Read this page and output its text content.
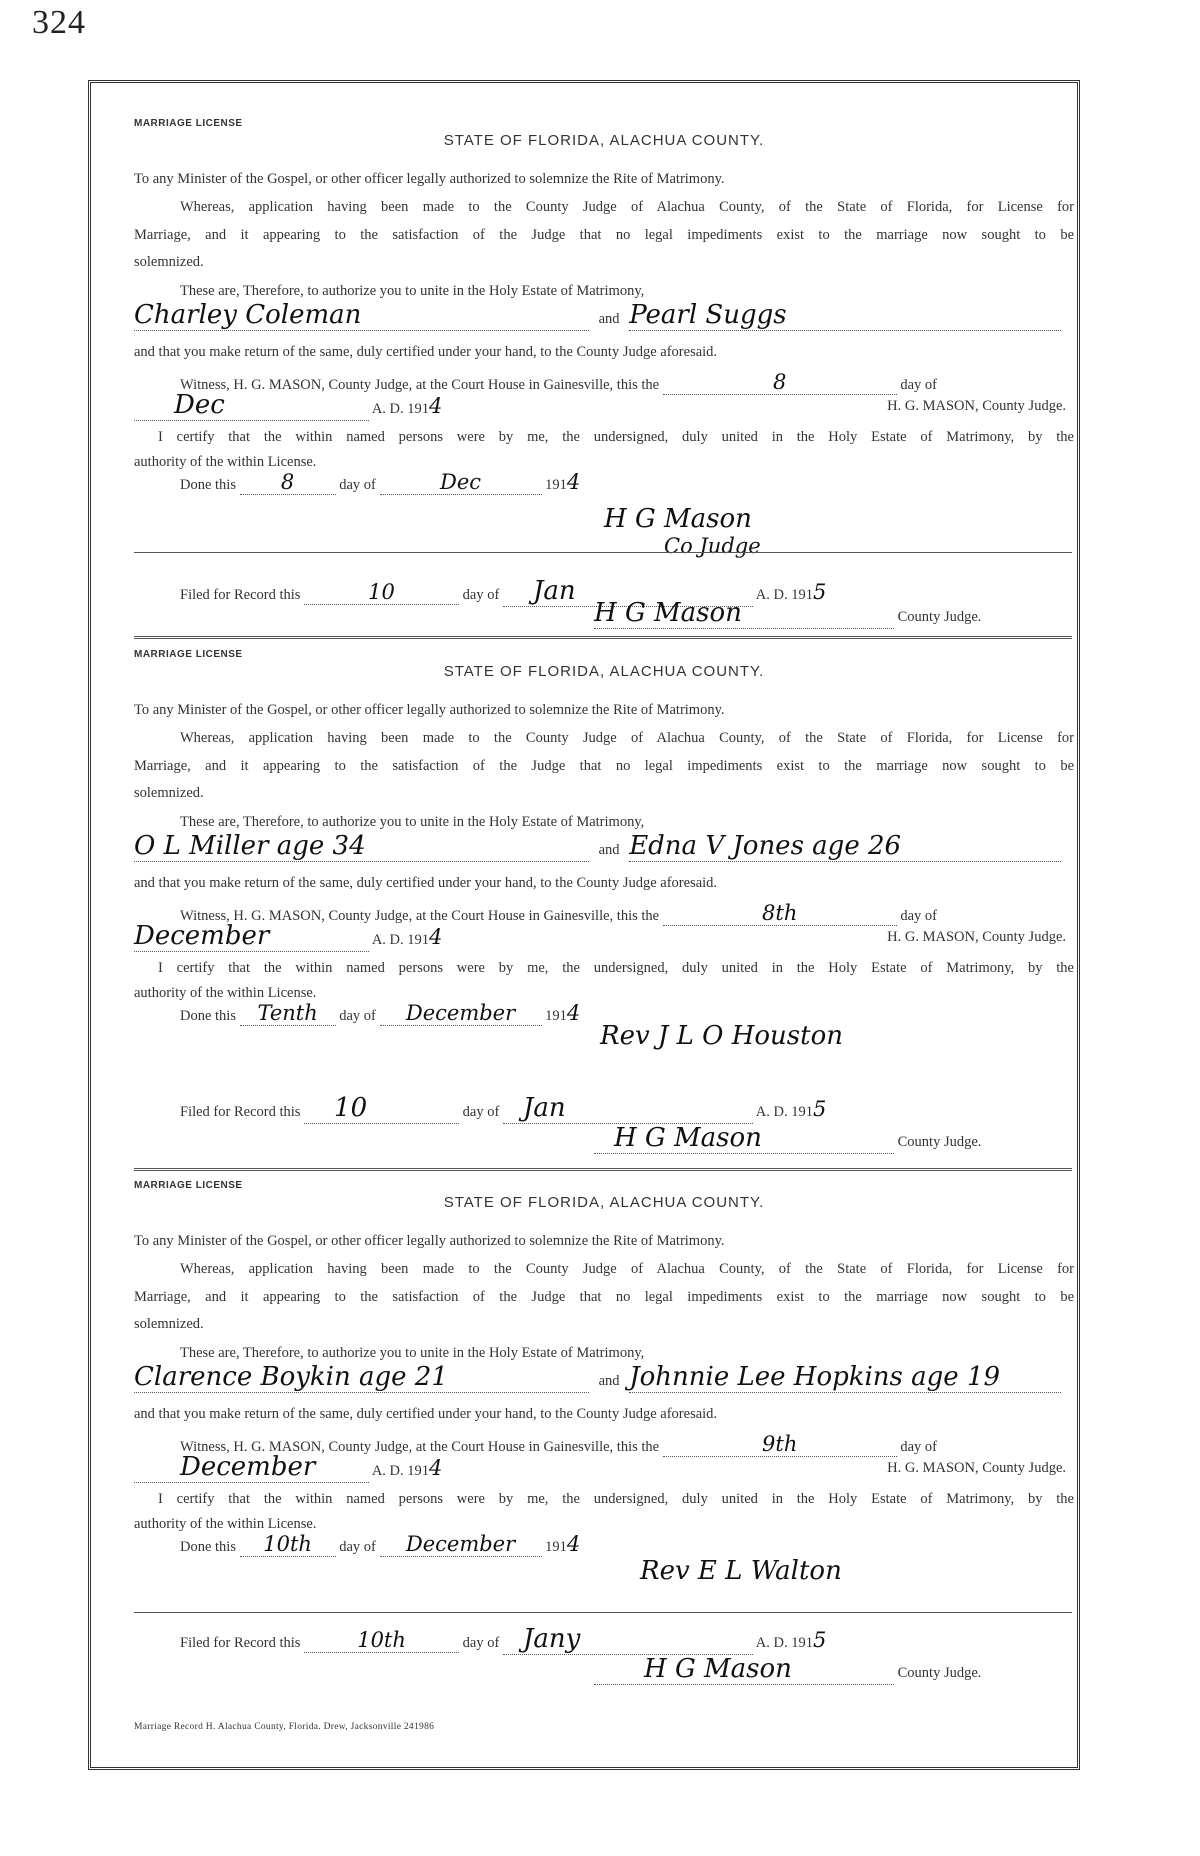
324
MARRIAGE LICENSE
STATE OF FLORIDA, ALACHUA COUNTY.
To any Minister of the Gospel, or other officer legally authorized to solemnize the Rite of Matrimony.
Whereas, application having been made to the County Judge of Alachua County, of the State of Florida, for License for
Marriage, and it appearing to the satisfaction of the Judge that no legal impediments exist to the marriage now sought to be
solemnized.
These are, Therefore, to authorize you to unite in the Holy Estate of Matrimony,
Charley Coleman	and Pearl Suggs
and that you make return of the same, duly certified under your hand, to the County Judge aforesaid.
Witness, H. G. MASON, County Judge, at the Court House in Gainesville, this the	8	day of
Dec	A. D. 1914	H. G. MASON, County Judge.
I certify that the within named persons were by me, the undersigned, duly united in the Holy Estate of Matrimony, by the
authority of the within License.
Done this 8	day of	Dec	1914
H G Mason
Co Judge
Filed for Record this	10	day of Jan	A. D. 1915
H G Mason	County Judge.
MARRIAGE LICENSE
STATE OF FLORIDA, ALACHUA COUNTY.
To any Minister of the Gospel, or other officer legally authorized to solemnize the Rite of Matrimony.
Whereas, application having been made to the County Judge of Alachua County, of the State of Florida, for License for
Marriage, and it appearing to the satisfaction of the Judge that no legal impediments exist to the marriage now sought to be
solemnized.
These are, Therefore, to authorize you to unite in the Holy Estate of Matrimony,
O L Miller age 34	and Edna V Jones age 26
and that you make return of the same, duly certified under your hand, to the County Judge aforesaid.
Witness, H. G. MASON, County Judge, at the Court House in Gainesville, this the	8th	day of
December	A. D. 1914	H. G. MASON, County Judge.
I certify that the within named persons were by me, the undersigned, duly united in the Holy Estate of Matrimony, by the
authority of the within License.
Done this Tenth day of December 1914
Rev J L O Houston
Filed for Record this 10	day of Jan	A. D. 1915
H G Mason	County Judge.
MARRIAGE LICENSE
STATE OF FLORIDA, ALACHUA COUNTY.
To any Minister of the Gospel, or other officer legally authorized to solemnize the Rite of Matrimony.
Whereas, application having been made to the County Judge of Alachua County, of the State of Florida, for License for
Marriage, and it appearing to the satisfaction of the Judge that no legal impediments exist to the marriage now sought to be
solemnized.
These are, Therefore, to authorize you to unite in the Holy Estate of Matrimony,
Clarence Boykin age 21	and Johnnie Lee Hopkins age 19
and that you make return of the same, duly certified under your hand, to the County Judge aforesaid.
Witness, H. G. MASON, County Judge, at the Court House in Gainesville, this the	9th	day of
December	A. D. 1914	H. G. MASON, County Judge.
I certify that the within named persons were by me, the undersigned, duly united in the Holy Estate of Matrimony, by the
authority of the within License.
Done this 10th day of December 1914
Rev E L Walton
Filed for Record this	10th	day of Jany	A. D. 1915
H G Mason	County Judge.
Marriage Record H. Alachua County, Florida. Drew, Jacksonville 241986
